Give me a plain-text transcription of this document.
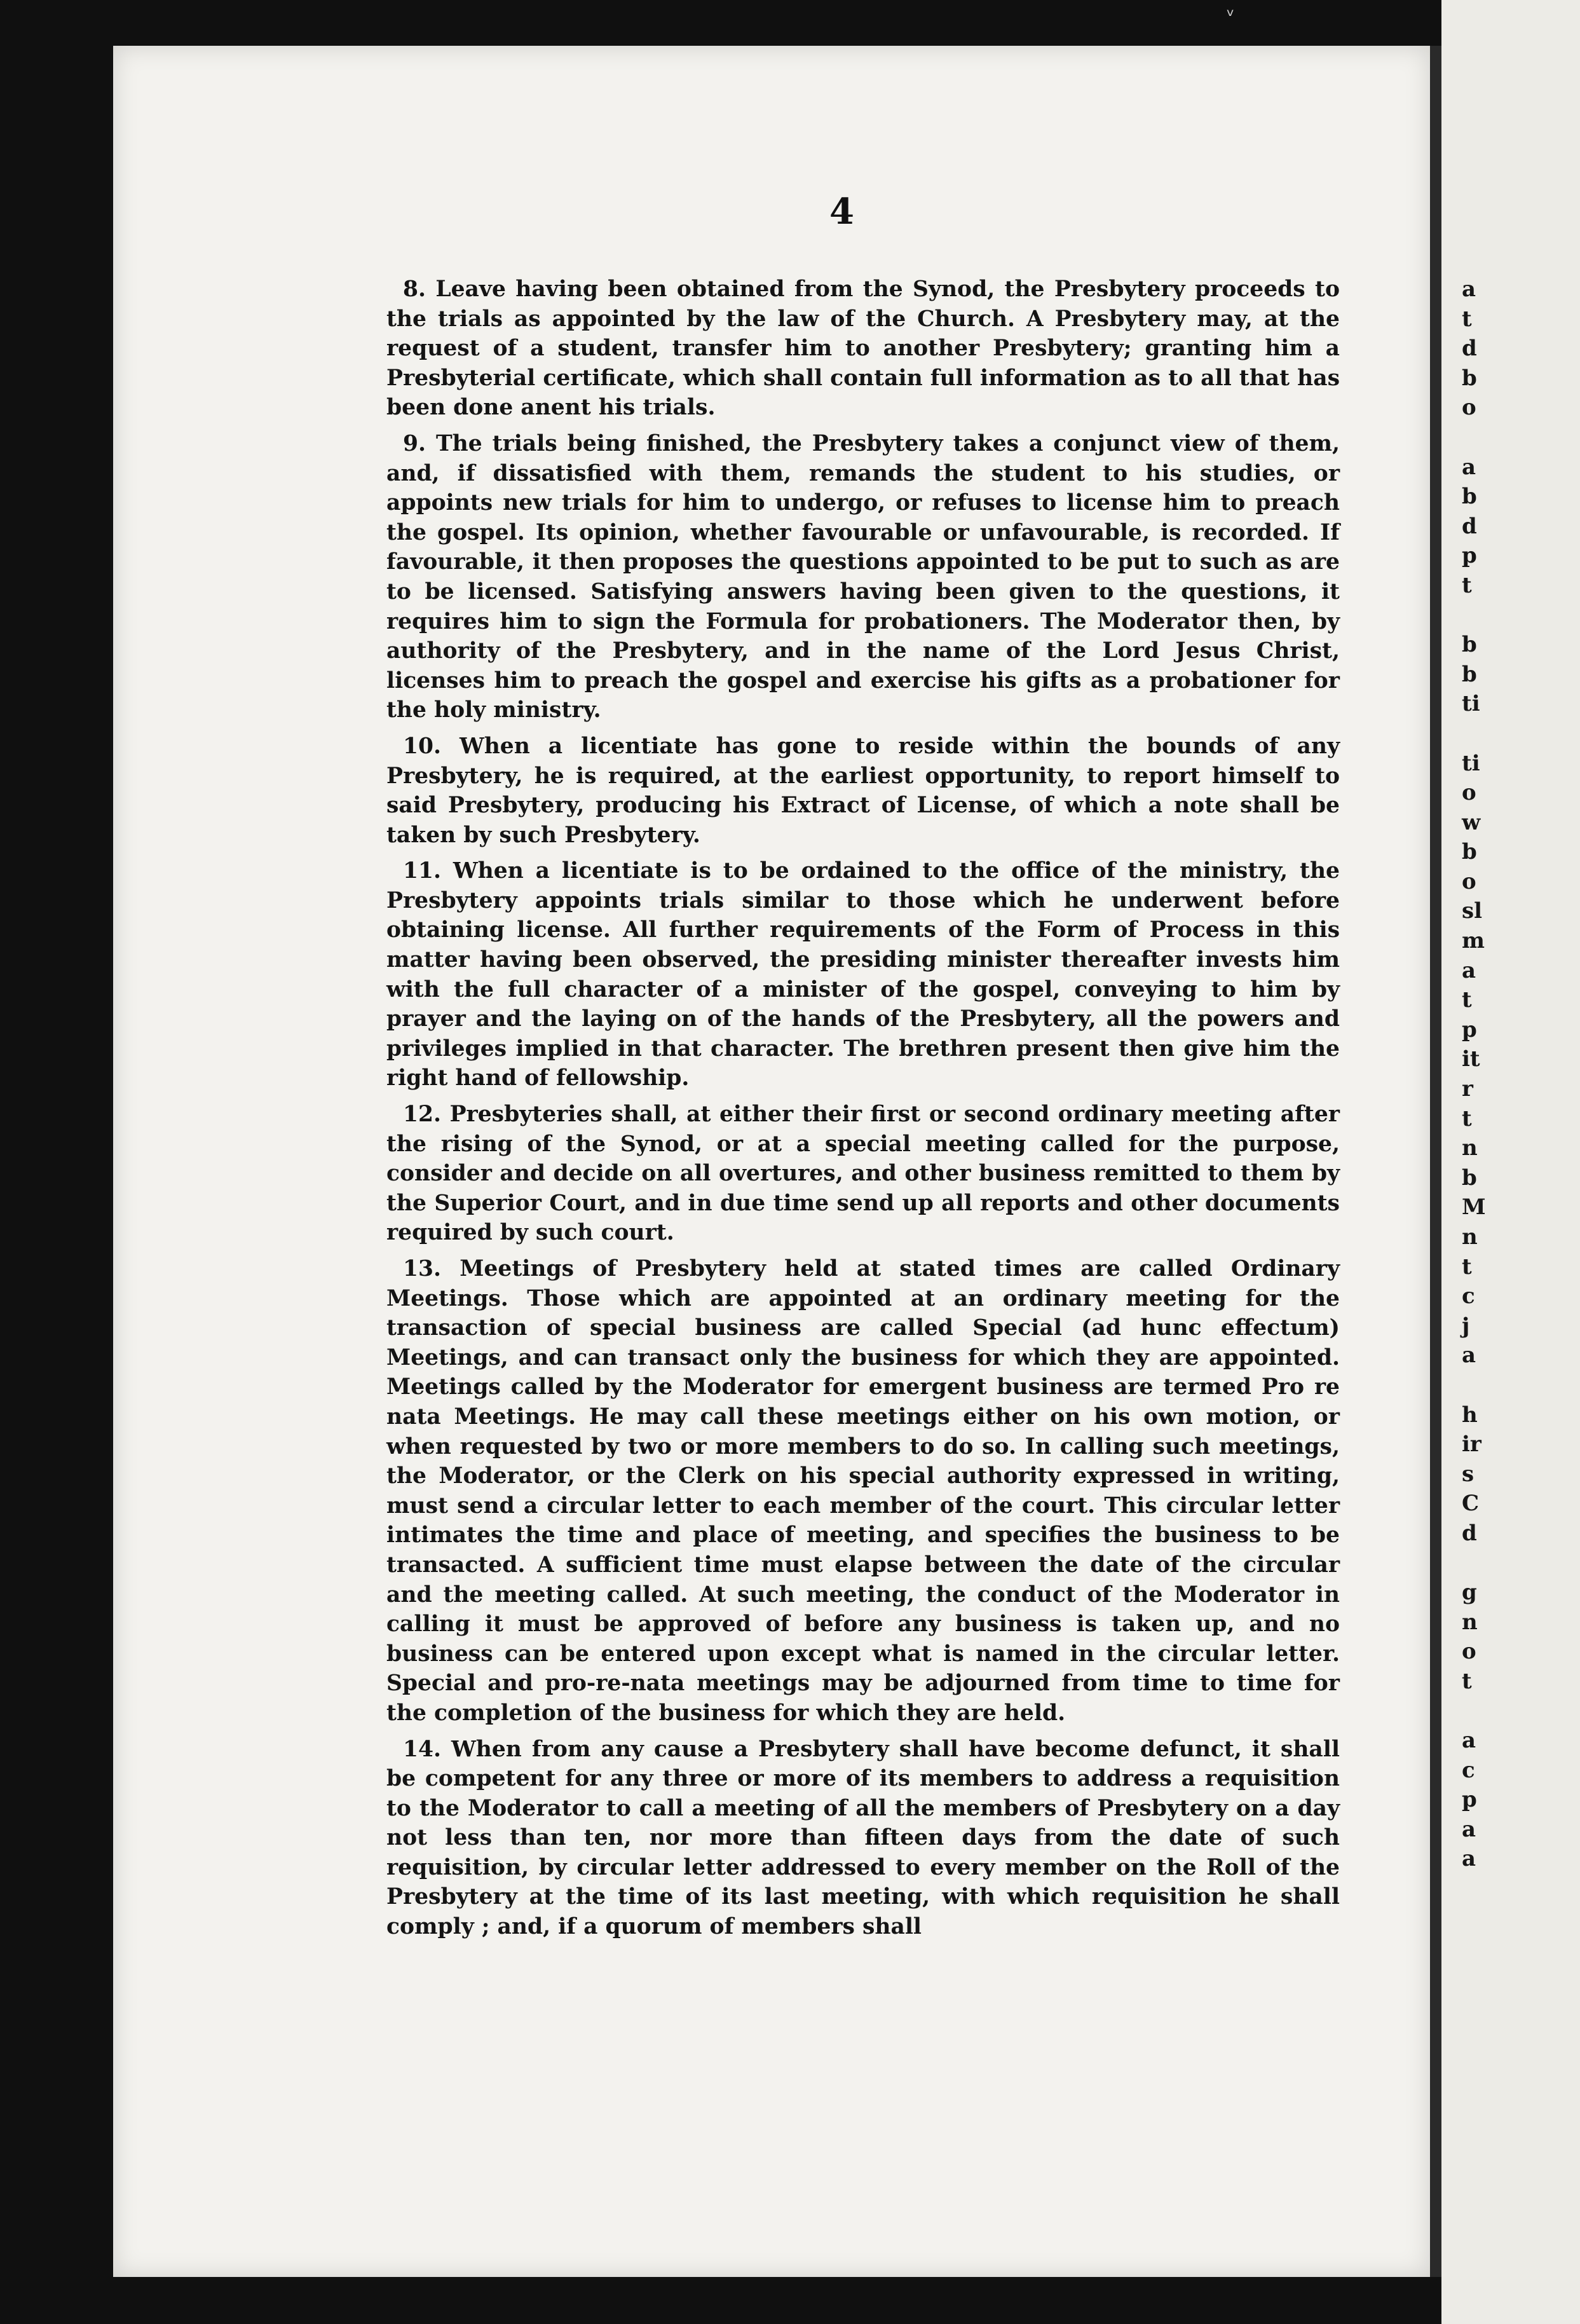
ᵛ
4

8. Leave having been obtained from the Synod, the Presbytery proceeds to the trials as appointed by the law of the Church. A Presbytery may, at the request of a student, transfer him to another Presbytery; granting him a Presbyterial certificate, which shall contain full information as to all that has been done anent his trials.

9. The trials being finished, the Presbytery takes a conjunct view of them, and, if dissatisfied with them, remands the student to his studies, or appoints new trials for him to undergo, or refuses to license him to preach the gospel. Its opinion, whether favourable or unfavourable, is recorded. If favourable, it then proposes the questions appointed to be put to such as are to be licensed. Satisfying answers having been given to the questions, it requires him to sign the Formula for probationers. The Moderator then, by authority of the Presbytery, and in the name of the Lord Jesus Christ, licenses him to preach the gospel and exercise his gifts as a probationer for the holy ministry.

10. When a licentiate has gone to reside within the bounds of any Presbytery, he is required, at the earliest opportunity, to report himself to said Presbytery, producing his Extract of License, of which a note shall be taken by such Presbytery.

11. When a licentiate is to be ordained to the office of the ministry, the Presbytery appoints trials similar to those which he underwent before obtaining license. All further requirements of the Form of Process in this matter having been observed, the presiding minister thereafter invests him with the full character of a minister of the gospel, conveying to him by prayer and the laying on of the hands of the Presbytery, all the powers and privileges implied in that character. The brethren present then give him the right hand of fellowship.

12. Presbyteries shall, at either their first or second ordinary meeting after the rising of the Synod, or at a special meeting called for the purpose, consider and decide on all overtures, and other business remitted to them by the Superior Court, and in due time send up all reports and other documents required by such court.

13. Meetings of Presbytery held at stated times are called Ordinary Meetings. Those which are appointed at an ordinary meeting for the transaction of special business are called Special (ad hunc effectum) Meetings, and can transact only the business for which they are appointed. Meetings called by the Moderator for emergent business are termed Pro re nata Meetings. He may call these meetings either on his own motion, or when requested by two or more members to do so. In calling such meetings, the Moderator, or the Clerk on his special authority expressed in writing, must send a circular letter to each member of the court. This circular letter intimates the time and place of meeting, and specifies the business to be transacted. A sufficient time must elapse between the date of the circular and the meeting called. At such meeting, the conduct of the Moderator in calling it must be approved of before any business is taken up, and no business can be entered upon except what is named in the circular letter. Special and pro-re-nata meetings may be adjourned from time to time for the completion of the business for which they are held.

14. When from any cause a Presbytery shall have become defunct, it shall be competent for any three or more of its members to address a requisition to the Moderator to call a meeting of all the members of Presbytery on a day not less than ten, nor more than fifteen days from the date of such requisition, by circular letter addressed to every member on the Roll of the Presbytery at the time of its last meeting, with which requisition he shall comply ; and, if a quorum of members shall

a
t
d
b
o
a
b
d
p
t
b
b
ti
ti
o
w
b
o
sl
m
a
t
p
it
r
t
n
b
M
n
t
c
j
a
h
ir
s
C
d
g
n
o
t
a
c
p
a
a
